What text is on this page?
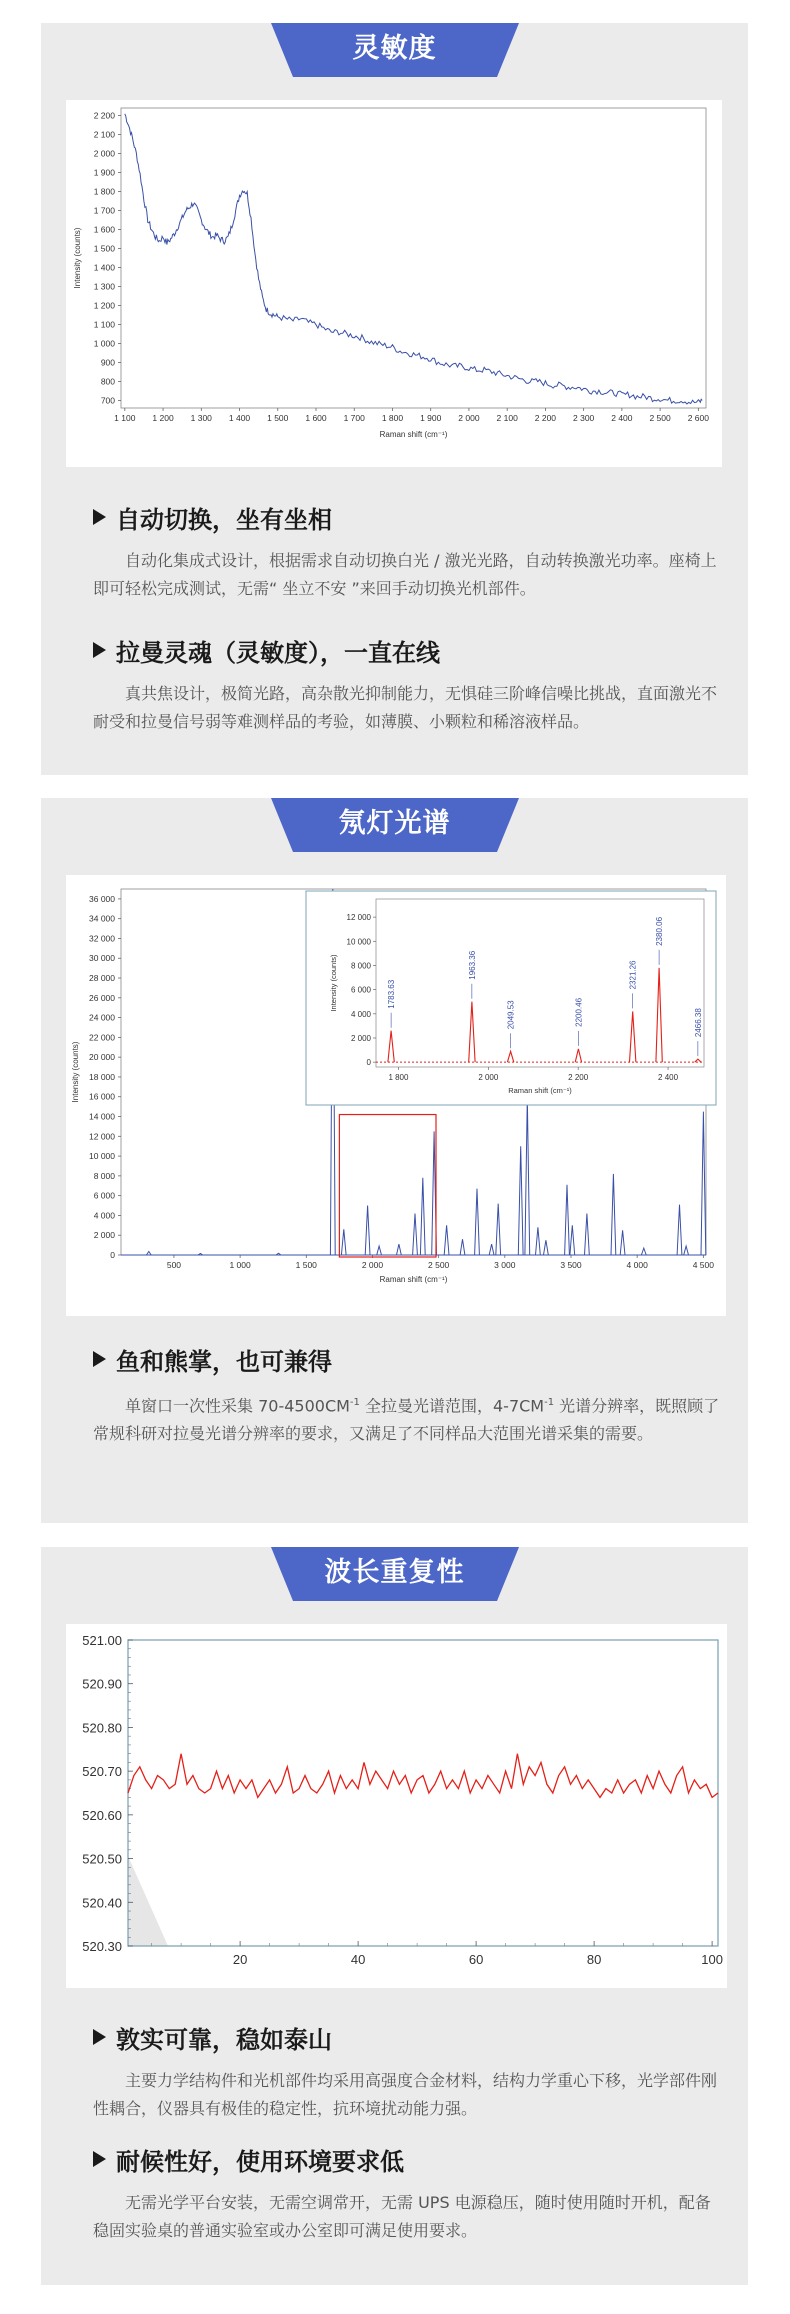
灵敏度
700
800
900
1 000
1 100
1 200
1 300
1 400
1 500
1 600
1 700
1 800
1 900
2 000
2 100
2 200
1 100 1 200 1 300 1 400 1 500 1 600 1 700 1 800 1 900 2 000 2 100 2 200 2 300 2 400 2 500 2 600
Raman shift (cm⁻¹)
Intensity (counts)
自动切换，坐有坐相
自动化集成式设计，根据需求自动切换白光 / 激光光路，自动转换激光功率。座椅上即可轻松完成测试，无需“ 坐立不安 ”来回手动切换光机部件。
拉曼灵魂（灵敏度），一直在线
真共焦设计，极简光路，高杂散光抑制能力，无惧硅三阶峰信噪比挑战，直面激光不耐受和拉曼信号弱等难测样品的考验，如薄膜、小颗粒和稀溶液样品。
氖灯光谱
0
2 000
4 000
6 000
8 000
10 000
12 000
14 000
16 000
18 000
20 000
22 000
24 000
26 000
28 000
30 000
32 000
34 000
36 000
500	1 000	1 500	2 000	2 500	3 000	3 500	4 000	4 500
Raman shift (cm⁻¹)
Intensity (counts)	0
2 000
4 000
6 000
8 000
10 000
12 000
1 800	2 000	2 200	2 400
Raman shift (cm⁻¹)
Intensity (counts)	1783.63
1963.36
2049.53	2200.46
2321.26
2380.06
2466.38
鱼和熊掌，也可兼得
单窗口一次性采集 $70-4500CM^{-1}$ 全拉曼光谱范围，$4-7CM^{-1}$ 光谱分辨率，既照顾了常规科研对拉曼光谱分辨率的要求，又满足了不同样品大范围光谱采集的需要。
波长重复性
520.30
520.40
520.50
520.60
520.70
520.80
520.90
521.00
20	40	60	80	100
敦实可靠，稳如泰山
主要力学结构件和光机部件均采用高强度合金材料，结构力学重心下移，光学部件刚性耦合，仪器具有极佳的稳定性，抗环境扰动能力强。
耐候性好，使用环境要求低
无需光学平台安装，无需空调常开，无需 UPS 电源稳压，随时使用随时开机，配备稳固实验桌的普通实验室或办公室即可满足使用要求。
